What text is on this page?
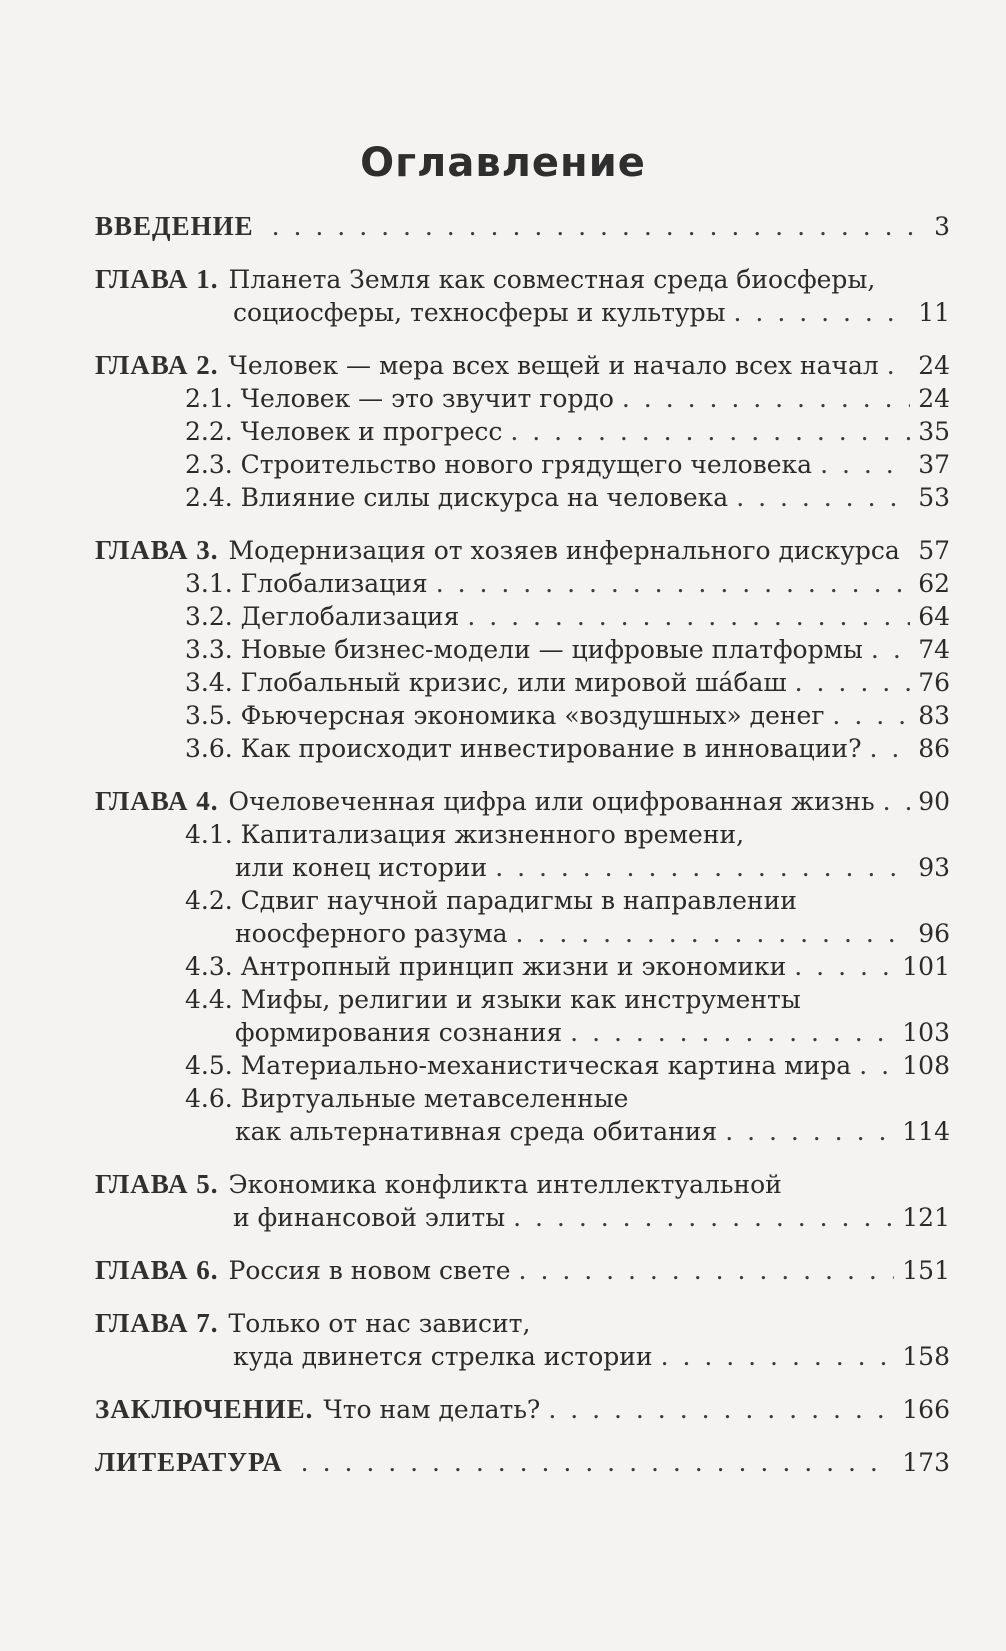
Оглавление
ВВЕДЕНИЕ . . .	3
ГЛАВА 1. Планета Земля как совместная среда биосферы,
социосферы, техносферы и культуры . . .	11
ГЛАВА 2. Человек — мера всех вещей и начало всех начал . . . 24
2.1. Человек — это звучит гордо . . .	24
2.2. Человек и прогресс . . .	35
2.3. Строительство нового грядущего человека . . .	37
2.4. Влияние силы дискурса на человека . . .	53
ГЛАВА 3. Модернизация от хозяев инфернального дискурса . . . 57
3.1. Глобализация . . .	62
3.2. Деглобализация . . .	64
3.3. Новые бизнес-модели — цифровые платформы . . . 74
3.4. Глобальный кризис, или мировой ша́баш . . .	76
3.5. Фьючерсная экономика «воздушных» денег . . .	83
3.6. Как происходит инвестирование в инновации? . . . 86
ГЛАВА 4. Очеловеченная цифра или оцифрованная жизнь . . . 90
4.1. Капитализация жизненного времени,
или конец истории . . .	93
4.2. Сдвиг научной парадигмы в направлении
ноосферного разума . . .	96
4.3. Антропный принцип жизни и экономики . . .	101
4.4. Мифы, религии и языки как инструменты
формирования сознания . . .	103
4.5. Материально-механистическая картина мира . . . 108
4.6. Виртуальные метавселенные
как альтернативная среда обитания . . .	114
ГЛАВА 5. Экономика конфликта интеллектуальной
и финансовой элиты . . .	121
ГЛАВА 6. Россия в новом свете . . .	151
ГЛАВА 7. Только от нас зависит,
куда двинется стрелка истории . . .	158
ЗАКЛЮЧЕНИЕ. Что нам делать? . . .	166
ЛИТЕРАТУРА . . .	173
